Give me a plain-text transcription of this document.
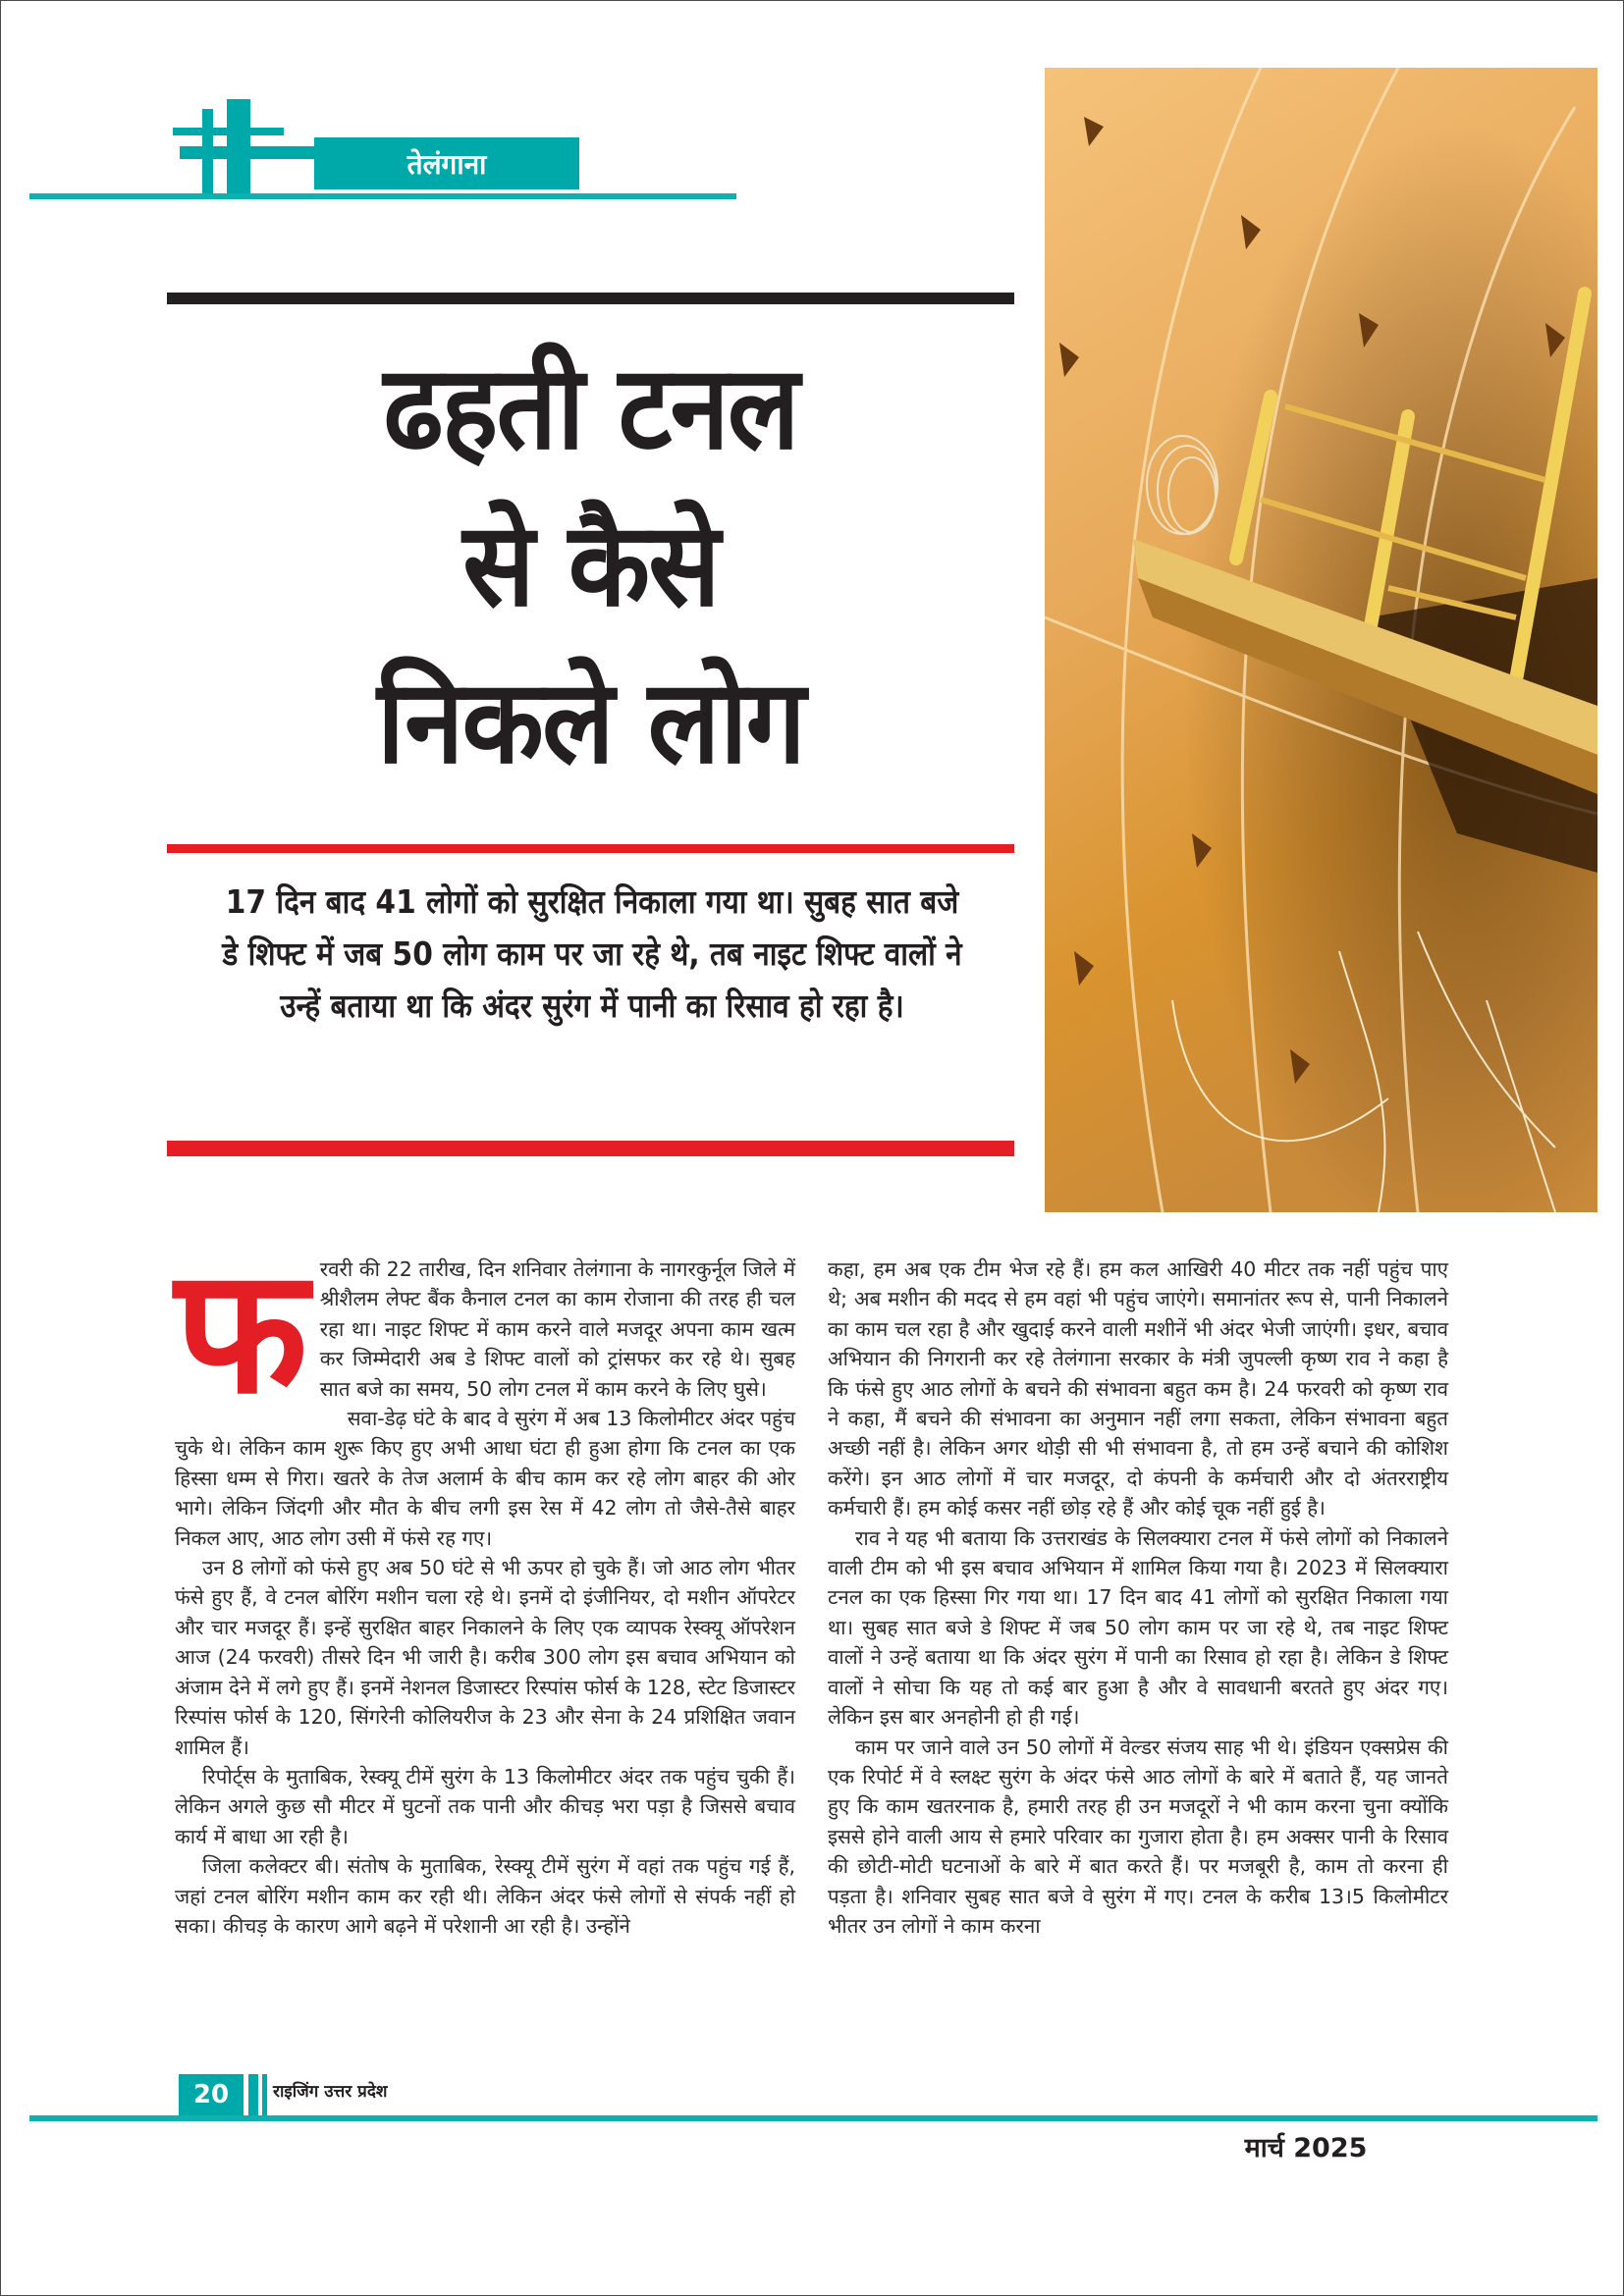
तेलंगाना
ढहती टनल
से कैसे
निकले लोग

17 दिन बाद 41 लोगों को सुरक्षित निकाला गया था। सुबह सात बजे डे शिफ्ट में जब 50 लोग काम पर जा रहे थे, तब नाइट शिफ्ट वालों ने उन्हें बताया था कि अंदर सुरंग में पानी का रिसाव हो रहा है।

फ रवरी की 22 तारीख, दिन शनिवार तेलंगाना के नागरकुर्नूल जिले में श्रीशैलम लेफ्ट बैंक कैनाल टनल का काम रोजाना की तरह ही चल रहा था। नाइट शिफ्ट में काम करने वाले मजदूर अपना काम खत्म कर जिम्मेदारी अब डे शिफ्ट वालों को ट्रांसफर कर रहे थे। सुबह सात बजे का समय, 50 लोग टनल में काम करने के लिए घुसे।

सवा-डेढ़ घंटे के बाद वे सुरंग में अब 13 किलोमीटर अंदर पहुंच चुके थे। लेकिन काम शुरू किए हुए अभी आधा घंटा ही हुआ होगा कि टनल का एक हिस्सा धम्म से गिरा। खतरे के तेज अलार्म के बीच काम कर रहे लोग बाहर की ओर भागे। लेकिन जिंदगी और मौत के बीच लगी इस रेस में 42 लोग तो जैसे-तैसे बाहर निकल आए, आठ लोग उसी में फंसे रह गए।

उन 8 लोगों को फंसे हुए अब 50 घंटे से भी ऊपर हो चुके हैं। जो आठ लोग भीतर फंसे हुए हैं, वे टनल बोरिंग मशीन चला रहे थे। इनमें दो इंजीनियर, दो मशीन ऑपरेटर और चार मजदूर हैं। इन्हें सुरक्षित बाहर निकालने के लिए एक व्यापक रेस्क्यू ऑपरेशन आज (24 फरवरी) तीसरे दिन भी जारी है। करीब 300 लोग इस बचाव अभियान को अंजाम देने में लगे हुए हैं। इनमें नेशनल डिजास्टर रिस्पांस फोर्स के 128, स्टेट डिजास्टर रिस्पांस फोर्स के 120, सिंगरेनी कोलियरीज के 23 और सेना के 24 प्रशिक्षित जवान शामिल हैं।

रिपोर्ट्स के मुताबिक, रेस्क्यू टीमें सुरंग के 13 किलोमीटर अंदर तक पहुंच चुकी हैं। लेकिन अगले कुछ सौ मीटर में घुटनों तक पानी और कीचड़ भरा पड़ा है जिससे बचाव कार्य में बाधा आ रही है।

जिला कलेक्टर बी। संतोष के मुताबिक, रेस्क्यू टीमें सुरंग में वहां तक पहुंच गई हैं, जहां टनल बोरिंग मशीन काम कर रही थी। लेकिन अंदर फंसे लोगों से संपर्क नहीं हो सका। कीचड़ के कारण आगे बढ़ने में परेशानी आ रही है। उन्होंने

कहा, हम अब एक टीम भेज रहे हैं। हम कल आखिरी 40 मीटर तक नहीं पहुंच पाए थे; अब मशीन की मदद से हम वहां भी पहुंच जाएंगे। समानांतर रूप से, पानी निकालने का काम चल रहा है और खुदाई करने वाली मशीनें भी अंदर भेजी जाएंगी। इधर, बचाव अभियान की निगरानी कर रहे तेलंगाना सरकार के मंत्री जुपल्ली कृष्ण राव ने कहा है कि फंसे हुए आठ लोगों के बचने की संभावना बहुत कम है। 24 फरवरी को कृष्ण राव ने कहा, मैं बचने की संभावना का अनुमान नहीं लगा सकता, लेकिन संभावना बहुत अच्छी नहीं है। लेकिन अगर थोड़ी सी भी संभावना है, तो हम उन्हें बचाने की कोशिश करेंगे। इन आठ लोगों में चार मजदूर, दो कंपनी के कर्मचारी और दो अंतरराष्ट्रीय कर्मचारी हैं। हम कोई कसर नहीं छोड़ रहे हैं और कोई चूक नहीं हुई है।

राव ने यह भी बताया कि उत्तराखंड के सिलक्यारा टनल में फंसे लोगों को निकालने वाली टीम को भी इस बचाव अभियान में शामिल किया गया है। 2023 में सिलक्यारा टनल का एक हिस्सा गिर गया था। 17 दिन बाद 41 लोगों को सुरक्षित निकाला गया था। सुबह सात बजे डे शिफ्ट में जब 50 लोग काम पर जा रहे थे, तब नाइट शिफ्ट वालों ने उन्हें बताया था कि अंदर सुरंग में पानी का रिसाव हो रहा है। लेकिन डे शिफ्ट वालों ने सोचा कि यह तो कई बार हुआ है और वे सावधानी बरतते हुए अंदर गए। लेकिन इस बार अनहोनी हो ही गई।

काम पर जाने वाले उन 50 लोगों में वेल्डर संजय साह भी थे। इंडियन एक्सप्रेस की एक रिपोर्ट में वे स्लक्ष्ट सुरंग के अंदर फंसे आठ लोगों के बारे में बताते हैं, यह जानते हुए कि काम खतरनाक है, हमारी तरह ही उन मजदूरों ने भी काम करना चुना क्योंकि इससे होने वाली आय से हमारे परिवार का गुजारा होता है। हम अक्सर पानी के रिसाव की छोटी-मोटी घटनाओं के बारे में बात करते हैं। पर मजबूरी है, काम तो करना ही पड़ता है। शनिवार सुबह सात बजे वे सुरंग में गए। टनल के करीब 13।5 किलोमीटर भीतर उन लोगों ने काम करना

20	राइजिंग उत्तर प्रदेश
मार्च 2025
